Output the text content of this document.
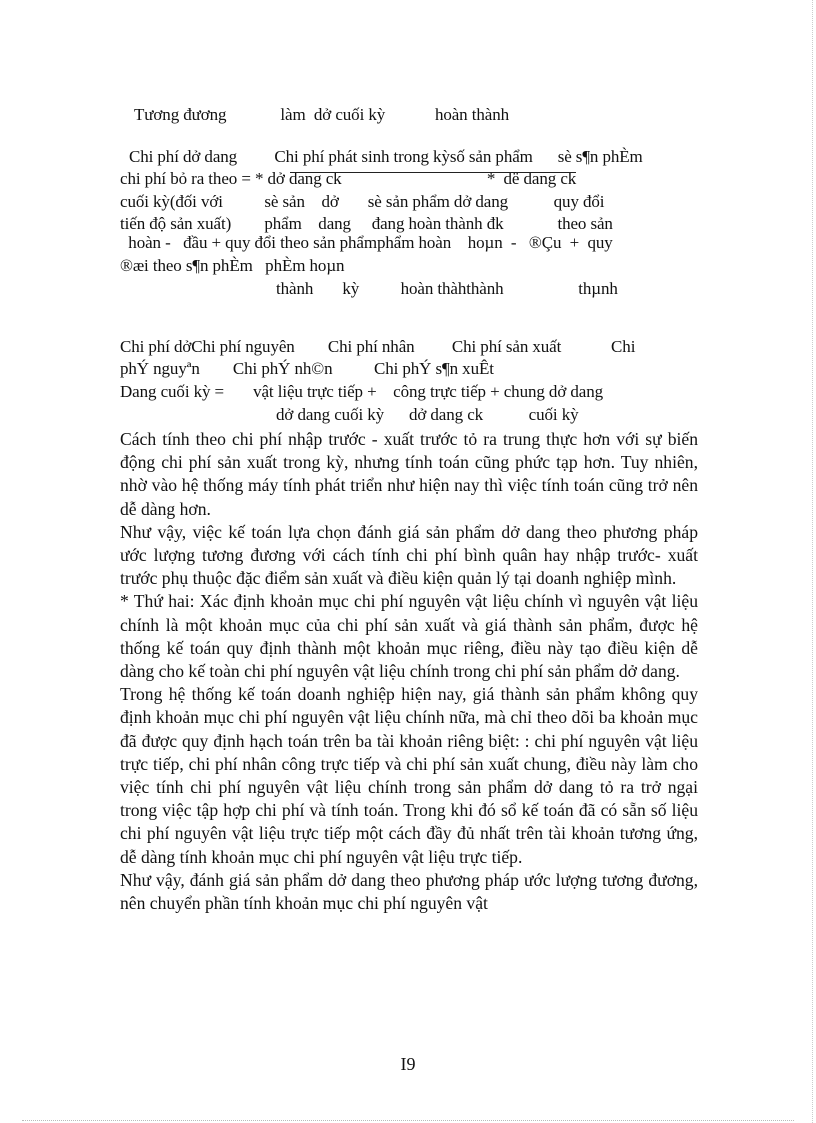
Tương đương             làm  dở cuối kỳ            hoàn thành
Chi phí dở dang         Chi phí phát sinh trong kỳsố sản phẩm      sè s¶n phÈm
chi phí bỏ ra theo = * dở dang ck                                   *  dë dang ck
cuối kỳ(đối với          sè sản    dở       sè sản phẩm dở dang           quy đổi
tiến độ sản xuất)        phẩm    dang     đang hoàn thành đk             theo sản
hoàn -   đầu + quy đổi theo sản phẩmphẩm hoàn    hoµn  -   ®Çu  +  quy
®æi theo s¶n phÈm   phÈm hoµn
thành       kỳ          hoàn thàhthành                  thµnh
Chi phí dởChi phí nguyên        Chi phí nhân         Chi phí sản xuất            Chi
phÝ nguyªn        Chi phÝ nh©n          Chi phÝ s¶n xuÊt
Dang cuối kỳ =       vật liệu trực tiếp +    công trực tiếp + chung dở dang
dở dang cuối kỳ      dở dang ck           cuối kỳ

Cách tính theo chi phí nhập trước - xuất trước tỏ ra trung thực hơn với sự biến động chi phí sản xuất trong kỳ, nhưng tính toán cũng phức tạp hơn. Tuy nhiên, nhờ vào hệ thống máy tính phát triển như hiện nay thì việc tính toán cũng trở nên dễ dàng hơn.

Như vậy, việc kế toán lựa chọn đánh giá sản phẩm dở dang theo phương pháp ước lượng tương đương với cách tính chi phí bình quân hay nhập trước- xuất trước phụ thuộc đặc điểm sản xuất và điều kiện quản lý tại doanh nghiệp mình.

* Thứ hai: Xác định khoản mục chi phí nguyên vật liệu chính vì nguyên vật liệu chính là một khoản mục của chi phí sản xuất và giá thành sản phẩm, được hệ thống kế toán quy định thành một khoản mục riêng, điều này tạo điều kiện dễ dàng cho kế toàn chi phí nguyên vật liệu chính trong chi phí sản phẩm dở dang.

Trong hệ thống kế toán doanh nghiệp hiện nay, giá thành sản phẩm không quy định khoản mục chi phí nguyên vật liệu chính nữa, mà chỉ theo dõi ba khoản mục đã được quy định hạch toán trên ba tài khoản riêng biệt: : chi phí nguyên vật liệu trực tiếp, chi phí nhân công trực tiếp và chi phí sản xuất chung, điều này làm cho việc tính chi phí nguyên vật liệu chính trong sản phẩm dở dang tỏ ra trở ngại trong việc tập hợp chi phí và tính toán. Trong khi đó sổ kế toán đã có sẵn số liệu chi phí nguyên vật liệu trực tiếp một cách đầy đủ nhất trên tài khoản tương ứng, dễ dàng tính khoản mục chi phí nguyên vật liệu trực tiếp.

Như vậy, đánh giá sản phẩm dở dang theo phương pháp ước lượng tương đương, nên chuyển phần tính khoản mục chi phí nguyên vật

I9
